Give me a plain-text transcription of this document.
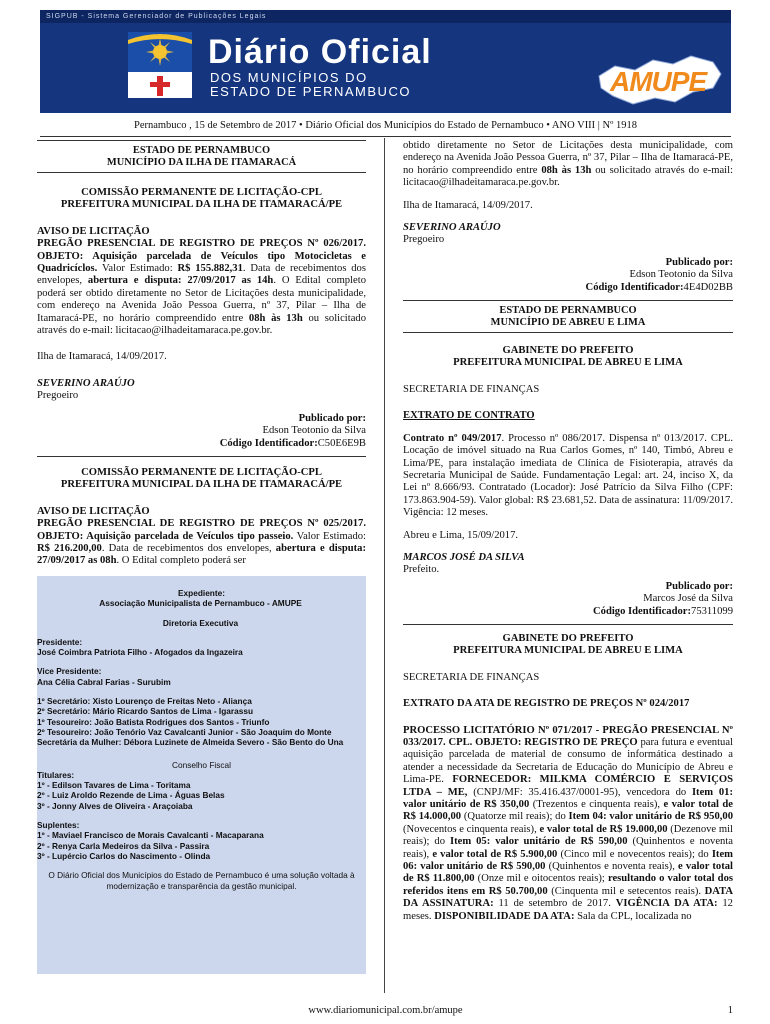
SIGPUB - Sistema Gerenciador de Publicações Legais
Diário Oficial
DOS MUNICÍPIOS DO
ESTADO DE PERNAMBUCO	AMUPE
Pernambuco , 15 de Setembro de 2017 • Diário Oficial dos Municípios do Estado de Pernambuco • ANO VIII | Nº 1918
ESTADO DE PERNAMBUCO
MUNICÍPIO DA ILHA DE ITAMARACÁ
COMISSÃO PERMANENTE DE LICITAÇÃO-CPL
PREFEITURA MUNICIPAL DA ILHA DE ITAMARACÁ/PE
AVISO DE LICITAÇÃO
PREGÃO PRESENCIAL DE REGISTRO DE PREÇOS Nº 026/2017. OBJETO: Aquisição parcelada de Veículos tipo Motocicletas e Quadricíclos. Valor Estimado: R$ 155.882,31. Data de recebimentos dos envelopes, abertura e disputa: 27/09/2017 as 14h. O Edital completo poderá ser obtido diretamente no Setor de Licitações desta municipalidade, com endereço na Avenida João Pessoa Guerra, nº 37, Pilar – Ilha de Itamaracá-PE, no horário compreendido entre 08h às 13h ou solicitado através do e-mail: licitacao@ilhadeitamaraca.pe.gov.br.
Ilha de Itamaracá, 14/09/2017.
SEVERINO ARAÚJO
Pregoeiro
Publicado por:
Edson Teotonio da Silva
Código Identificador:C50E6E9B
COMISSÃO PERMANENTE DE LICITAÇÃO-CPL
PREFEITURA MUNICIPAL DA ILHA DE ITAMARACÁ/PE
AVISO DE LICITAÇÃO
PREGÃO PRESENCIAL DE REGISTRO DE PREÇOS Nº 025/2017. OBJETO: Aquisição parcelada de Veículos tipo passeio. Valor Estimado: R$ 216.200,00. Data de recebimentos dos envelopes, abertura e disputa: 27/09/2017 as 08h. O Edital completo poderá ser
Expediente:
Associação Municipalista de Pernambuco - AMUPE
Diretoria Executiva
Presidente:
José Coimbra Patriota Filho - Afogados da Ingazeira
Vice Presidente:
Ana Célia Cabral Farias - Surubim
1º Secretário: Xisto Lourenço de Freitas Neto - Aliança
2º Secretário: Mário Ricardo Santos de Lima - Igarassu
1º Tesoureiro: João Batista Rodrigues dos Santos - Triunfo
2º Tesoureiro: João Tenório Vaz Cavalcanti Junior - São Joaquim do Monte
Secretária da Mulher: Débora Luzinete de Almeida Severo - São Bento do Una
Conselho Fiscal
Titulares:
1º - Edilson Tavares de Lima - Toritama
2º - Luiz Aroldo Rezende de Lima - Águas Belas
3º - Jonny Alves de Oliveira - Araçoiaba
Suplentes:
1º - Maviael Francisco de Morais Cavalcanti - Macaparana
2º - Renya Carla Medeiros da Silva - Passira
3º - Lupércio Carlos do Nascimento - Olinda
O Diário Oficial dos Municípios do Estado de Pernambuco é uma solução voltada à modernização e transparência da gestão municipal.
obtido diretamente no Setor de Licitações desta municipalidade, com endereço na Avenida João Pessoa Guerra, nº 37, Pilar – Ilha de Itamaracá-PE, no horário compreendido entre 08h às 13h ou solicitado através do e-mail: licitacao@ilhadeitamaraca.pe.gov.br.
Ilha de Itamaracá, 14/09/2017.
SEVERINO ARAÚJO
Pregoeiro
Publicado por:
Edson Teotonio da Silva
Código Identificador:4E4D02BB
ESTADO DE PERNAMBUCO
MUNICÍPIO DE ABREU E LIMA
GABINETE DO PREFEITO
PREFEITURA MUNICIPAL DE ABREU E LIMA
SECRETARIA DE FINANÇAS
EXTRATO DE CONTRATO
Contrato nº 049/2017. Processo nº 086/2017. Dispensa nº 013/2017. CPL. Locação de imóvel situado na Rua Carlos Gomes, nº 140, Timbó, Abreu e Lima/PE, para instalação imediata de Clínica de Fisioterapia, através da Secretaria Municipal de Saúde. Fundamentação Legal: art. 24, inciso X, da Lei nº 8.666/93. Contratado (Locador): José Patrício da Silva Filho (CPF: 173.863.904-59). Valor global: R$ 23.681,52. Data de assinatura: 11/09/2017. Vigência: 12 meses.
Abreu e Lima, 15/09/2017.
MARCOS JOSÉ DA SILVA
Prefeito.
Publicado por:
Marcos José da Silva
Código Identificador:75311099
GABINETE DO PREFEITO
PREFEITURA MUNICIPAL DE ABREU E LIMA
SECRETARIA DE FINANÇAS
EXTRATO DA ATA DE REGISTRO DE PREÇOS Nº 024/2017
PROCESSO LICITATÓRIO Nº 071/2017 - PREGÃO PRESENCIAL Nº 033/2017. CPL. OBJETO: REGISTRO DE PREÇO para futura e eventual aquisição parcelada de material de consumo de informática destinado a atender a necessidade da Secretaria de Educação do Município de Abreu e Lima-PE. FORNECEDOR: MILKMA COMÉRCIO E SERVIÇOS LTDA – ME, (CNPJ/MF: 35.416.437/0001-95), vencedora do Item 01: valor unitário de R$ 350,00 (Trezentos e cinquenta reais), e valor total de R$ 14.000,00 (Quatorze mil reais); do Item 04: valor unitário de R$ 950,00 (Novecentos e cinquenta reais), e valor total de R$ 19.000,00 (Dezenove mil reais); do Item 05: valor unitário de R$ 590,00 (Quinhentos e noventa reais), e valor total de R$ 5.900,00 (Cinco mil e novecentos reais); do Item 06: valor unitário de R$ 590,00 (Quinhentos e noventa reais), e valor total de R$ 11.800,00 (Onze mil e oitocentos reais); resultando o valor total dos referidos itens em R$ 50.700,00 (Cinquenta mil e setecentos reais). DATA DA ASSINATURA: 11 de setembro de 2017. VIGÊNCIA DA ATA: 12 meses. DISPONIBILIDADE DA ATA: Sala da CPL, localizada no
www.diariomunicipal.com.br/amupe	1
